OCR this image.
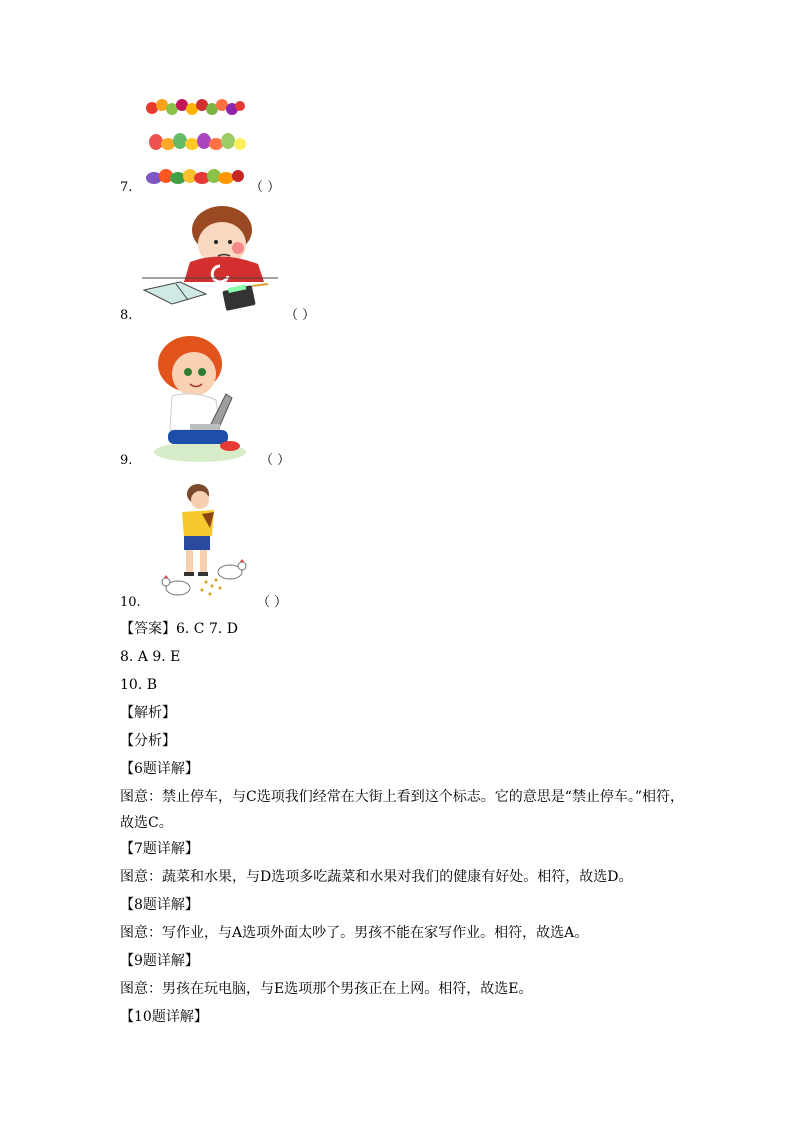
7.	（ ）
8.	（ ）
9.	（ ）
10.	（ ）
【答案】6. C 7. D
8. A 9. E
10. B
【解析】
【分析】
【6题详解】
图意：禁止停车，与C选项我们经常在大街上看到这个标志。它的意思是“禁止停车。”相符，故选C。
【7题详解】
图意：蔬菜和水果，与D选项多吃蔬菜和水果对我们的健康有好处。相符，故选D。
【8题详解】
图意：写作业，与A选项外面太吵了。男孩不能在家写作业。相符，故选A。
【9题详解】
图意：男孩在玩电脑，与E选项那个男孩正在上网。相符，故选E。
【10题详解】
